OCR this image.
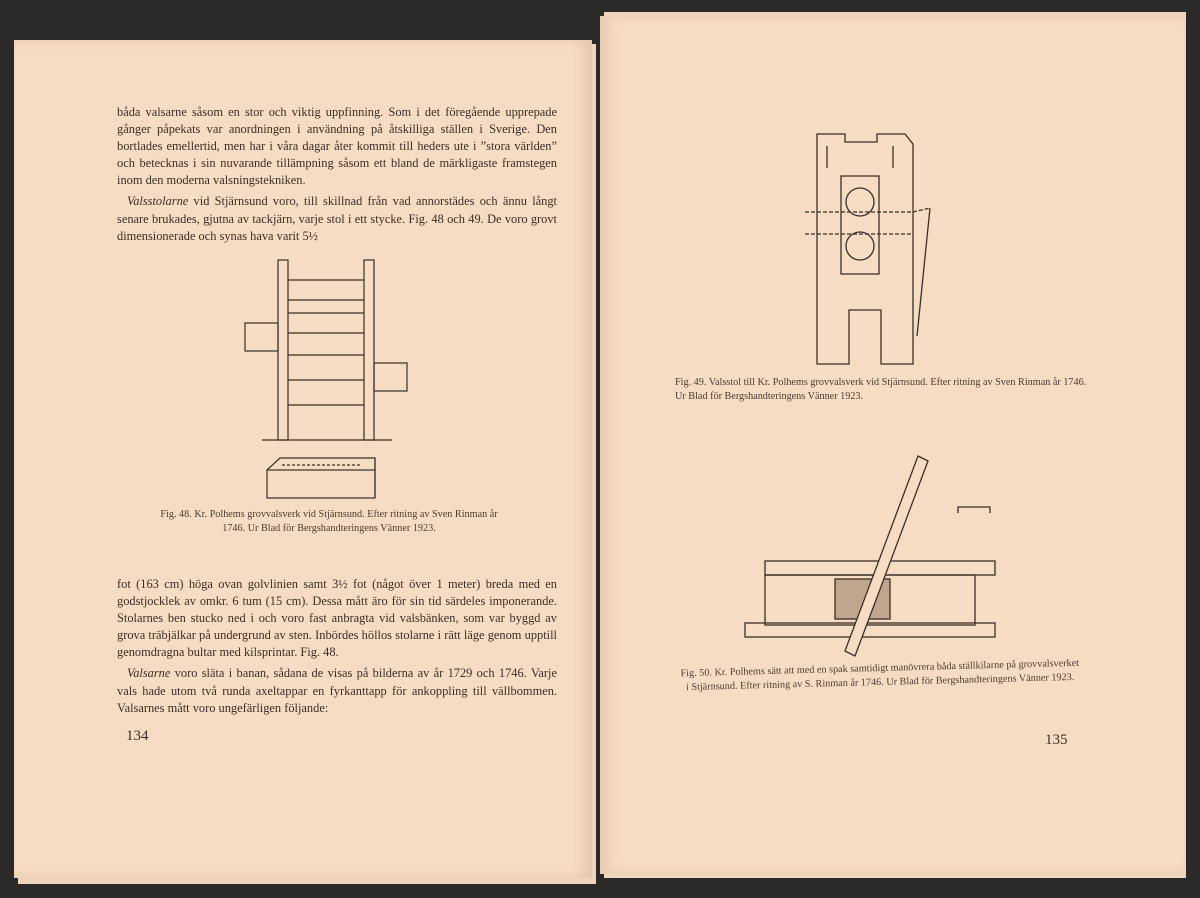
båda valsarne såsom en stor och viktig uppfinning. Som i det föregående upprepade gånger påpekats var anordningen i användning på åtskilliga ställen i Sverige. Den bortlades emellertid, men har i våra dagar åter kommit till heders ute i ”stora världen” och betecknas i sin nuvarande tillämpning såsom ett bland de märkligaste framstegen inom den moderna valsningstekniken.

Valsstolarne vid Stjärnsund voro, till skillnad från vad annorstädes och ännu långt senare brukades, gjutna av tackjärn, varje stol i ett stycke. Fig. 48 och 49. De voro grovt dimensionerade och synas hava varit 5½

Fig. 48. Kr. Polhems grovvalsverk vid Stjärnsund. Efter ritning av Sven Rinman år 1746. Ur Blad för Bergshandteringens Vänner 1923.

fot (163 cm) höga ovan golvlinien samt 3½ fot (något över 1 meter) breda med en godstjocklek av omkr. 6 tum (15 cm). Dessa mått äro för sin tid särdeles imponerande. Stolarnes ben stucko ned i och voro fast anbragta vid valsbänken, som var byggd av grova träbjälkar på undergrund av sten. Inbördes höllos stolarne i rätt läge genom upptill genomdragna bultar med kilsprintar. Fig. 48.

Valsarne voro släta i banan, sådana de visas på bilderna av år 1729 och 1746. Varje vals hade utom två runda axeltappar en fyrkanttapp för ankoppling till vällbommen. Valsarnes mått voro ungefärligen följande:

134
Fig. 49. Valsstol till Kr. Polhems grovvalsverk vid Stjärnsund. Efter ritning av Sven Rinman år 1746. Ur Blad för Bergshandteringens Vänner 1923.
Fig. 50. Kr. Polhems sätt att med en spak samtidigt manövrera båda ställkilarne på grovvalsverket i Stjärnsund. Efter ritning av S. Rinman år 1746. Ur Blad för Bergshandteringens Vänner 1923.
135
